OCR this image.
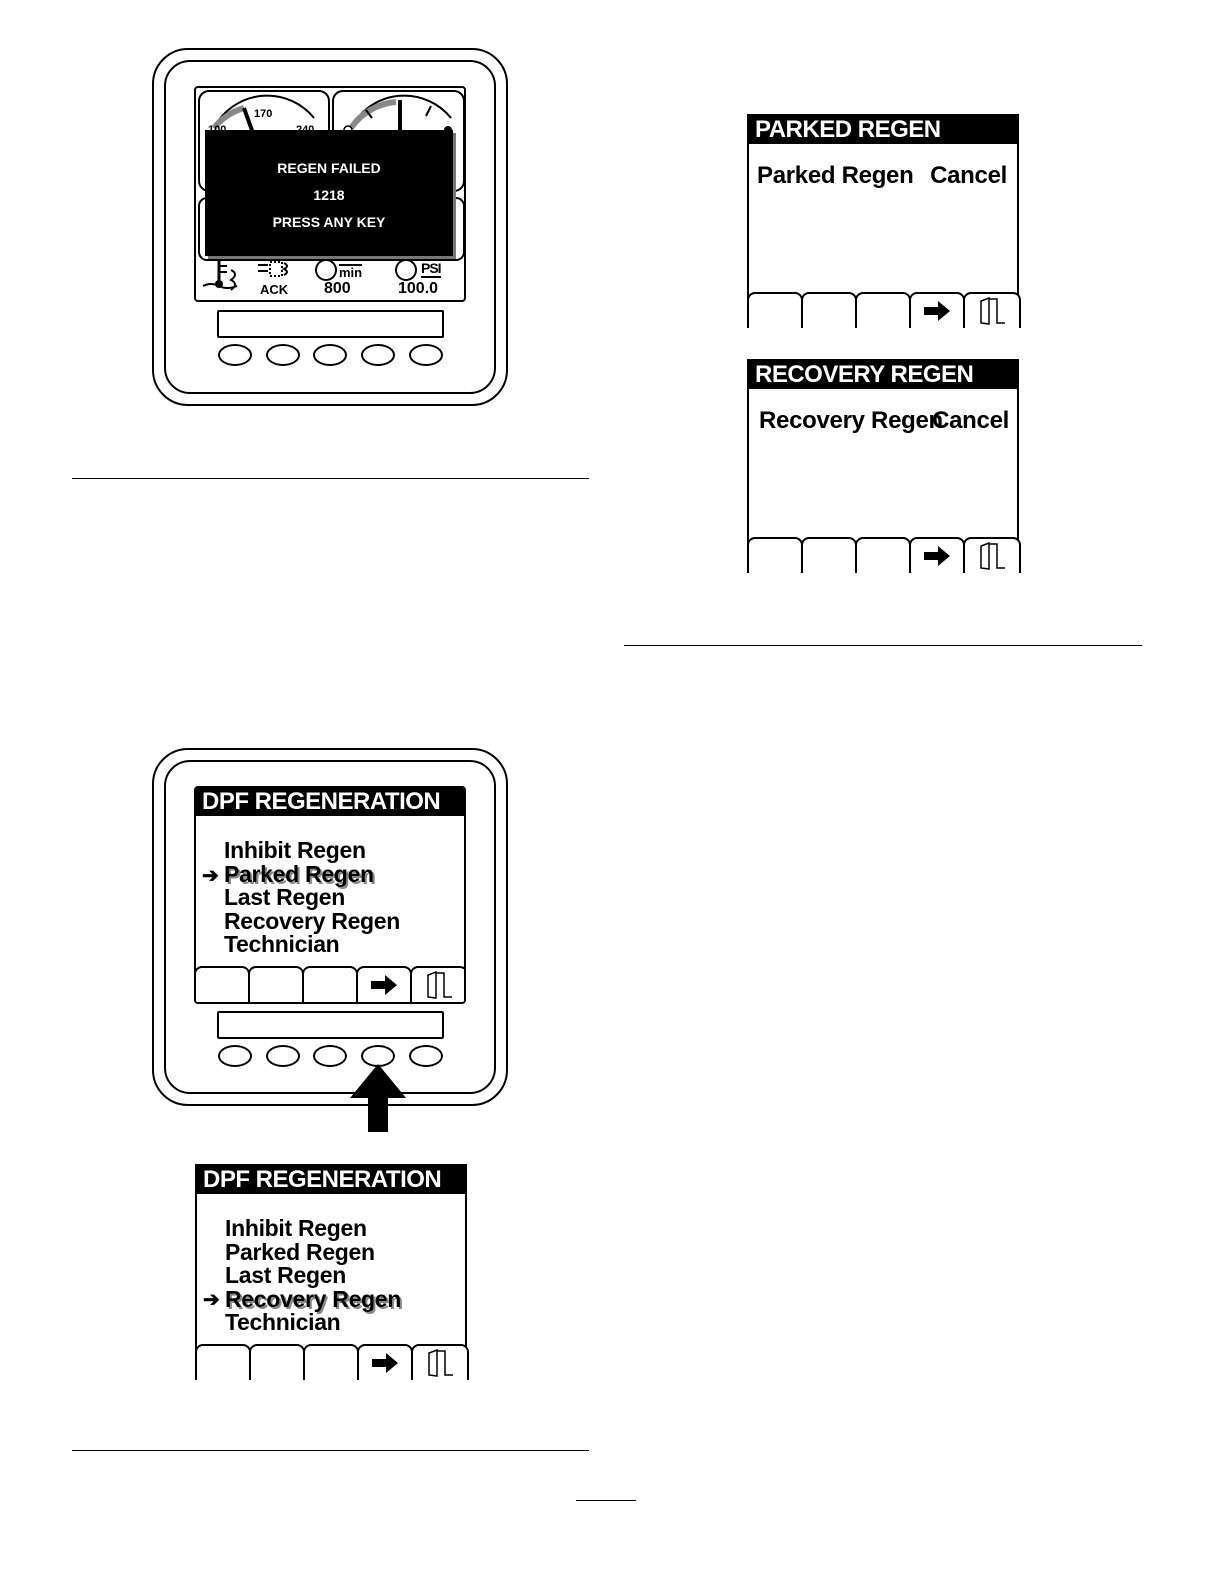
170
ACK
min
800
PSI
100.0
REGEN FAILED
1218
PRESS ANY KEY
DPF REGENERATION
➔
Inhibit Regen
Parked Regen
Last Regen
Recovery Regen
Technician
DPF REGENERATION
➔
Inhibit Regen
Parked Regen
Last Regen
Recovery Regen
Technician
PARKED REGEN
Parked Regen Cancel
RECOVERY REGEN
Recovery Regen
Cancel
